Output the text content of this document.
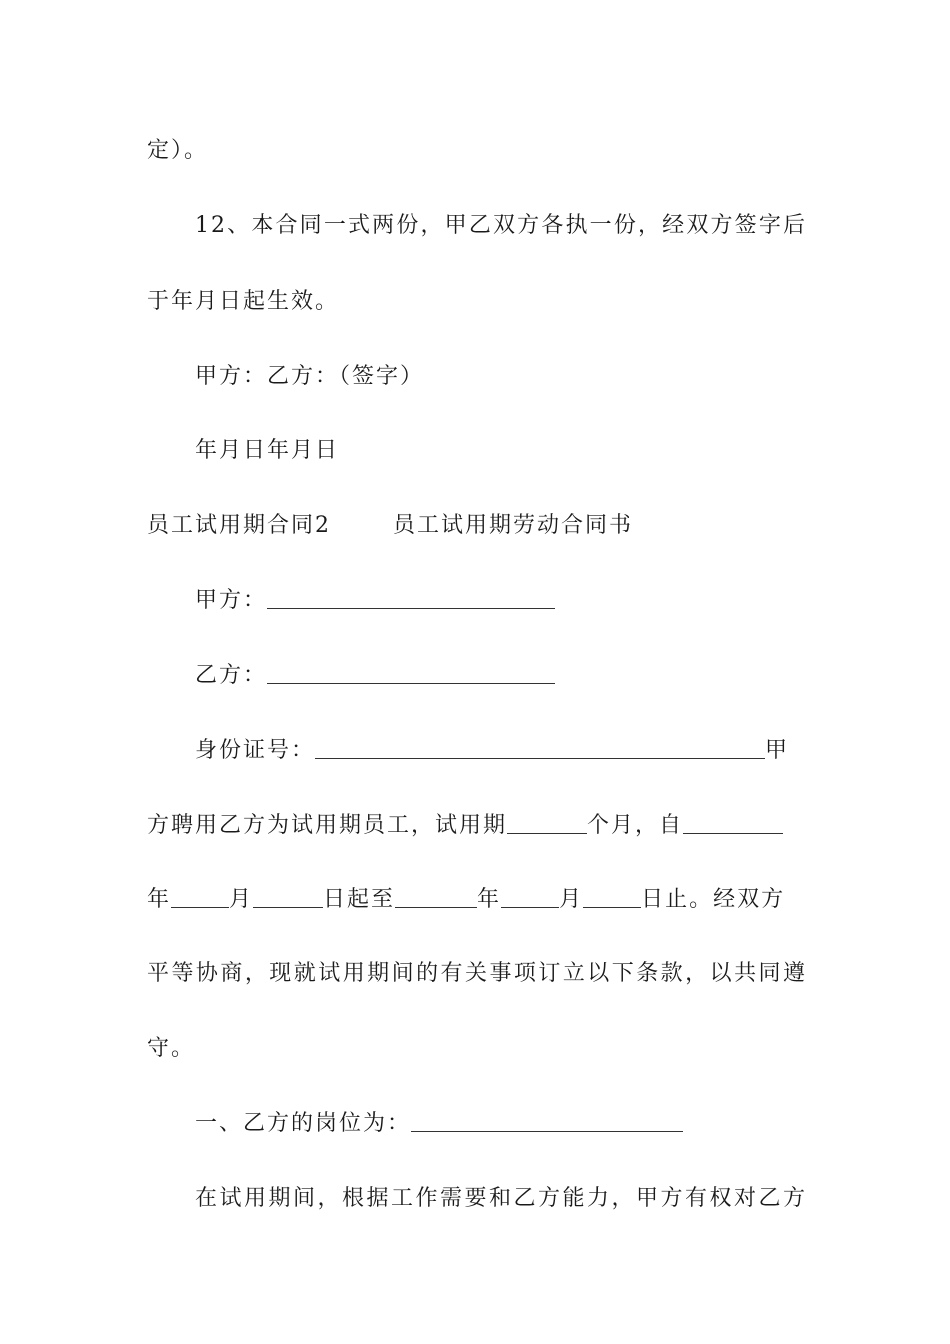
定）。
12、本合同一式两份，甲乙双方各执一份，经双方签字后
于年月日起生效。
甲方：乙方：（签字）
年月日年月日
员工试用期合同2	员工试用期劳动合同书
甲方：
乙方：
身份证号：	甲
方聘用乙方为试用期员工，试用期	个月，自
年	月	日起至	年	月	日止。经双方
平等协商，现就试用期间的有关事项订立以下条款，以共同遵
守。
一、乙方的岗位为：
在试用期间，根据工作需要和乙方能力，甲方有权对乙方
